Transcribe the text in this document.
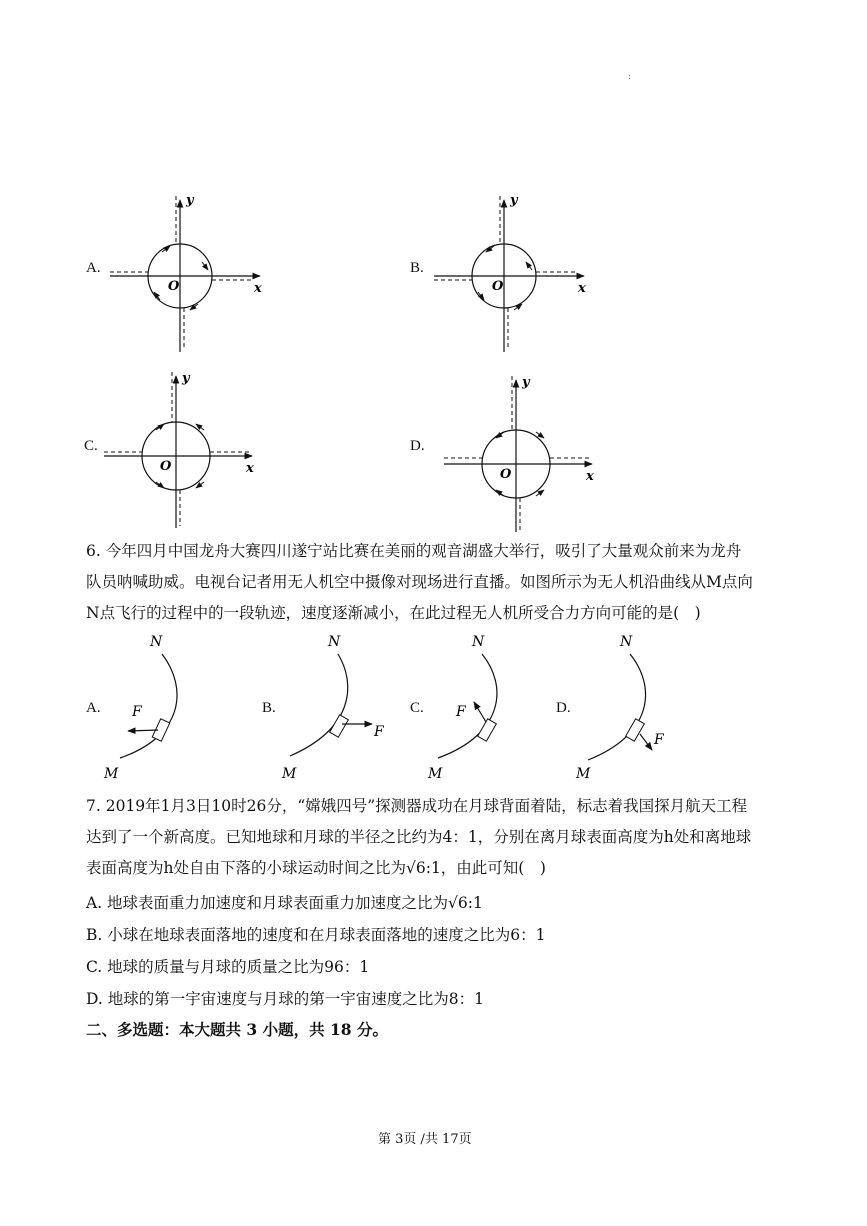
:
A.
y
x
O
B.
y
x
O
C.
y
x
O
D.
y
x
O
6. 今年四月中国龙舟大赛四川遂宁站比赛在美丽的观音湖盛大举行，吸引了大量观众前来为龙舟
队员呐喊助威。电视台记者用无人机空中摄像对现场进行直播。如图所示为无人机沿曲线从M点向
N点飞行的过程中的一段轨迹，速度逐渐减小，在此过程无人机所受合力方向可能的是(　)
A.
N
M
F	B.
N
M
F
C.
N
M
F	D.
N
M
F
7. 2019年1月3日10时26分，“嫦娥四号”探测器成功在月球背面着陆，标志着我国探月航天工程
达到了一个新高度。已知地球和月球的半径之比约为4：1，分别在离月球表面高度为h处和离地球
表面高度为h处自由下落的小球运动时间之比为√6:1，由此可知(　)
A. 地球表面重力加速度和月球表面重力加速度之比为√6:1
B. 小球在地球表面落地的速度和在月球表面落地的速度之比为6：1
C. 地球的质量与月球的质量之比为96：1
D. 地球的第一宇宙速度与月球的第一宇宙速度之比为8：1
二、多选题：本大题共 3 小题，共 18 分。
第 3页 /共 17页
